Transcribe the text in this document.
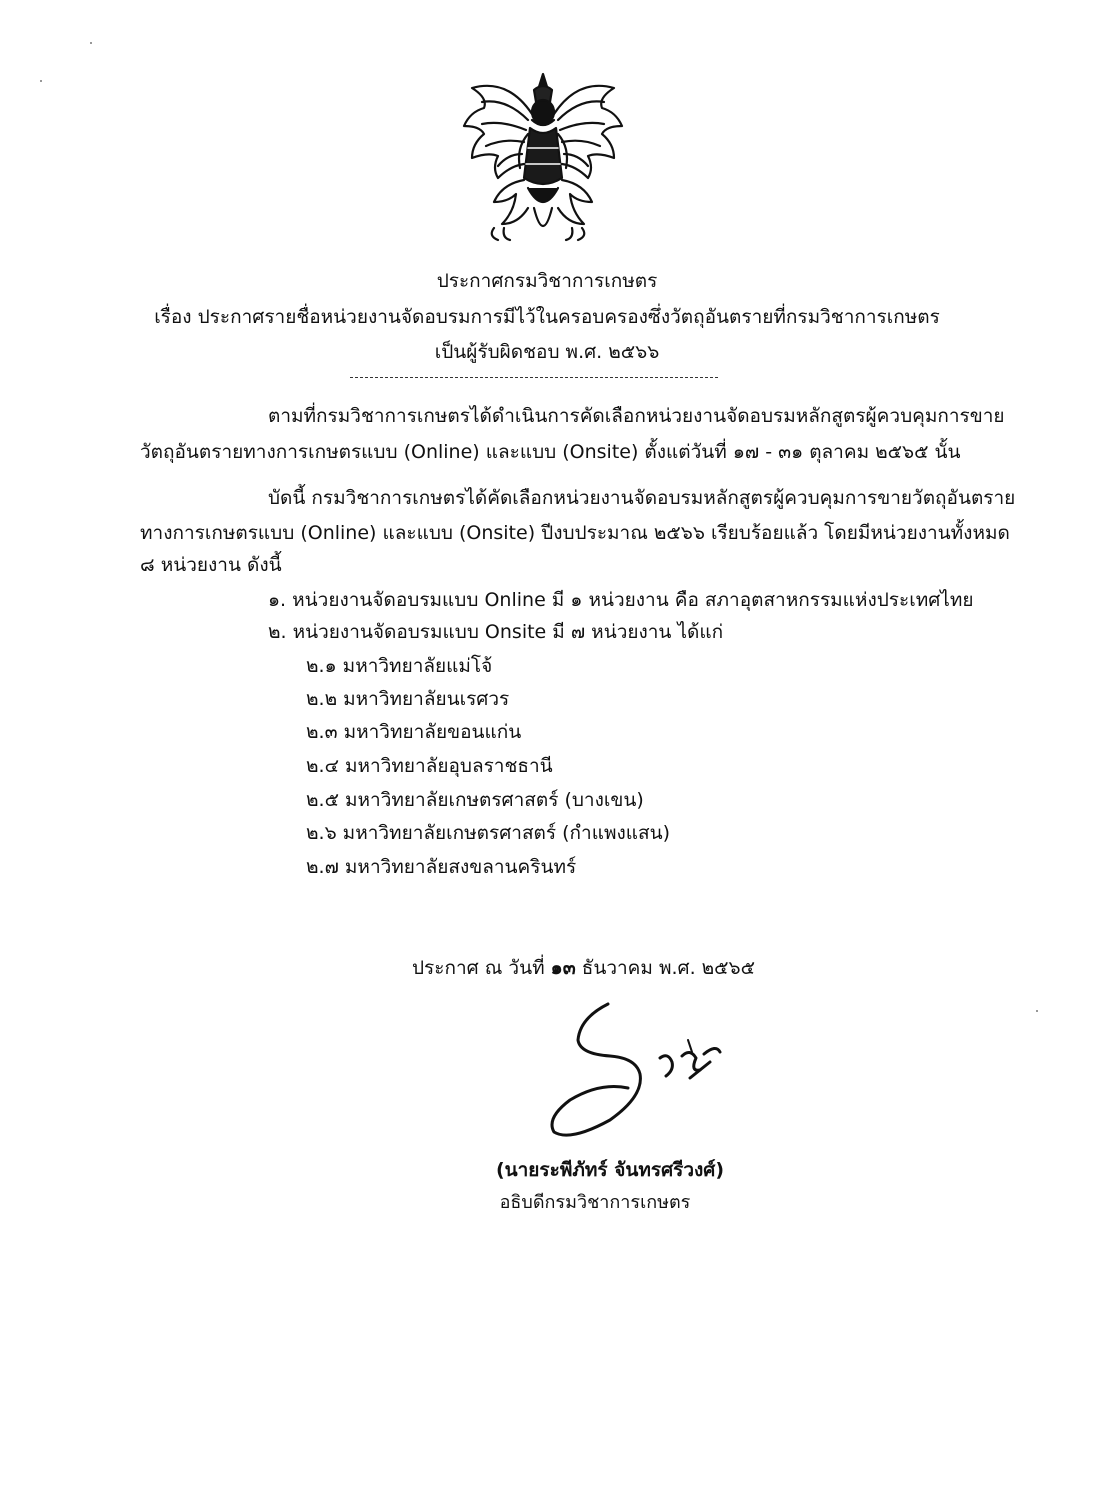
ประกาศกรมวิชาการเกษตร
เรื่อง ประกาศรายชื่อหน่วยงานจัดอบรมการมีไว้ในครอบครองซึ่งวัตถุอันตรายที่กรมวิชาการเกษตร
เป็นผู้รับผิดชอบ พ.ศ. ๒๕๖๖
ตามที่กรมวิชาการเกษตรได้ดำเนินการคัดเลือกหน่วยงานจัดอบรมหลักสูตรผู้ควบคุมการขาย
วัตถุอันตรายทางการเกษตรแบบ (Online) และแบบ (Onsite) ตั้งแต่วันที่ ๑๗ - ๓๑ ตุลาคม ๒๕๖๕ นั้น
บัดนี้ กรมวิชาการเกษตรได้คัดเลือกหน่วยงานจัดอบรมหลักสูตรผู้ควบคุมการขายวัตถุอันตราย
ทางการเกษตรแบบ (Online) และแบบ (Onsite) ปีงบประมาณ ๒๕๖๖ เรียบร้อยแล้ว โดยมีหน่วยงานทั้งหมด
๘ หน่วยงาน ดังนี้
๑. หน่วยงานจัดอบรมแบบ Online มี ๑ หน่วยงาน คือ สภาอุตสาหกรรมแห่งประเทศไทย
๒. หน่วยงานจัดอบรมแบบ Onsite มี ๗ หน่วยงาน ได้แก่
๒.๑ มหาวิทยาลัยแม่โจ้
๒.๒ มหาวิทยาลัยนเรศวร
๒.๓ มหาวิทยาลัยขอนแก่น
๒.๔ มหาวิทยาลัยอุบลราชธานี
๒.๕ มหาวิทยาลัยเกษตรศาสตร์ (บางเขน)
๒.๖ มหาวิทยาลัยเกษตรศาสตร์ (กำแพงแสน)
๒.๗ มหาวิทยาลัยสงขลานครินทร์
ประกาศ ณ วันที่ ๑๓ ธันวาคม พ.ศ. ๒๕๖๕
(นายระพีภัทร์ จันทรศรีวงศ์)
อธิบดีกรมวิชาการเกษตร
